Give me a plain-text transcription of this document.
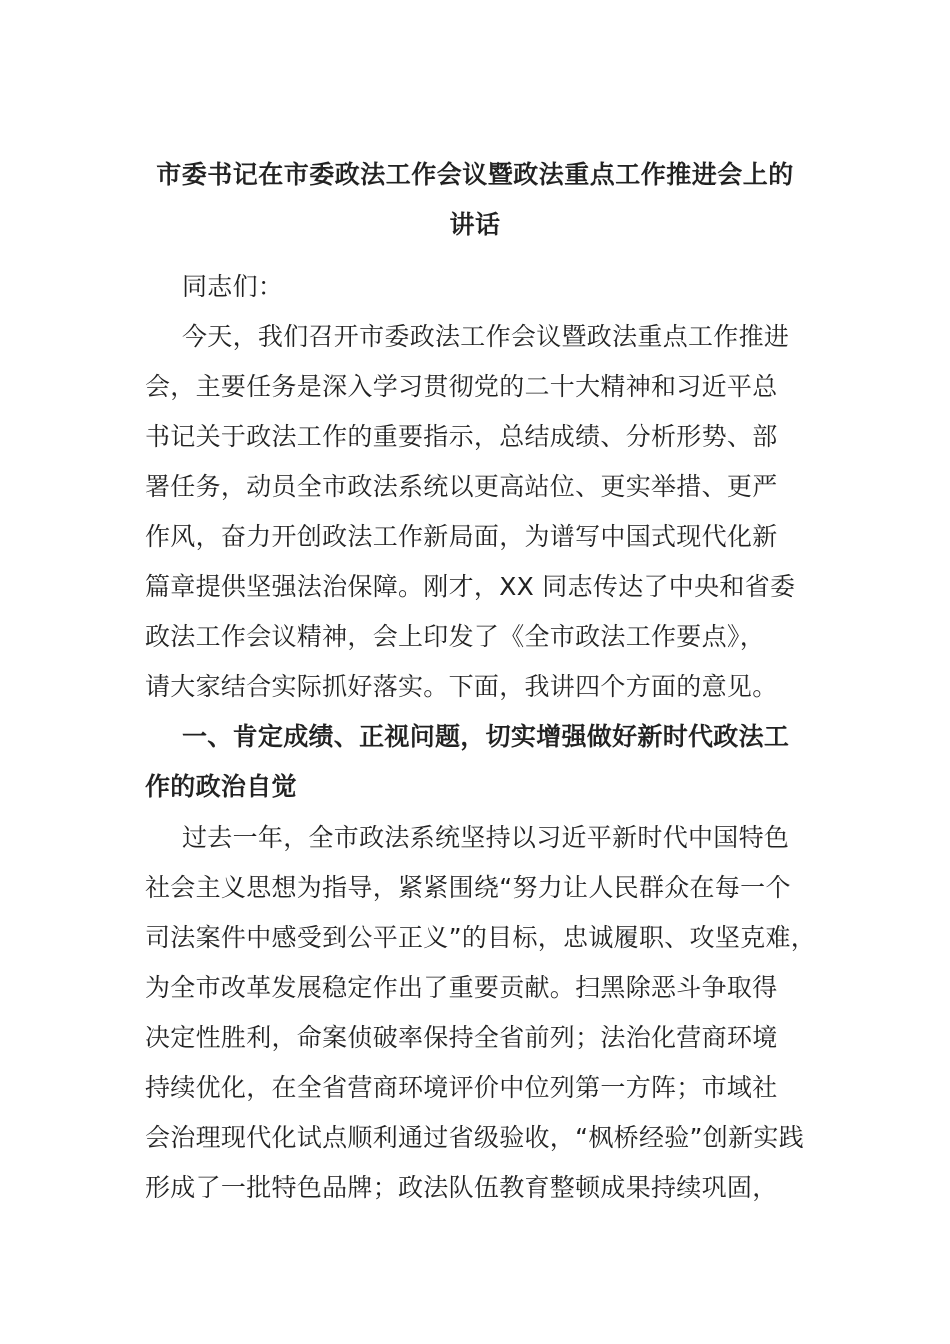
市委书记在市委政法工作会议暨政法重点工作推进会上的
讲话

同志们：

今天，我们召开市委政法工作会议暨政法重点工作推进

会，主要任务是深入学习贯彻党的二十大精神和习近平总

书记关于政法工作的重要指示，总结成绩、分析形势、部

署任务，动员全市政法系统以更高站位、更实举措、更严

作风，奋力开创政法工作新局面，为谱写中国式现代化新

篇章提供坚强法治保障。刚才，XX 同志传达了中央和省委

政法工作会议精神，会上印发了《全市政法工作要点》，

请大家结合实际抓好落实。下面，我讲四个方面的意见。

一、肯定成绩、正视问题，切实增强做好新时代政法工

作的政治自觉

过去一年，全市政法系统坚持以习近平新时代中国特色

社会主义思想为指导，紧紧围绕“努力让人民群众在每一个

司法案件中感受到公平正义”的目标，忠诚履职、攻坚克难，

为全市改革发展稳定作出了重要贡献。扫黑除恶斗争取得

决定性胜利，命案侦破率保持全省前列；法治化营商环境

持续优化，在全省营商环境评价中位列第一方阵；市域社

会治理现代化试点顺利通过省级验收，“枫桥经验”创新实践

形成了一批特色品牌；政法队伍教育整顿成果持续巩固，
